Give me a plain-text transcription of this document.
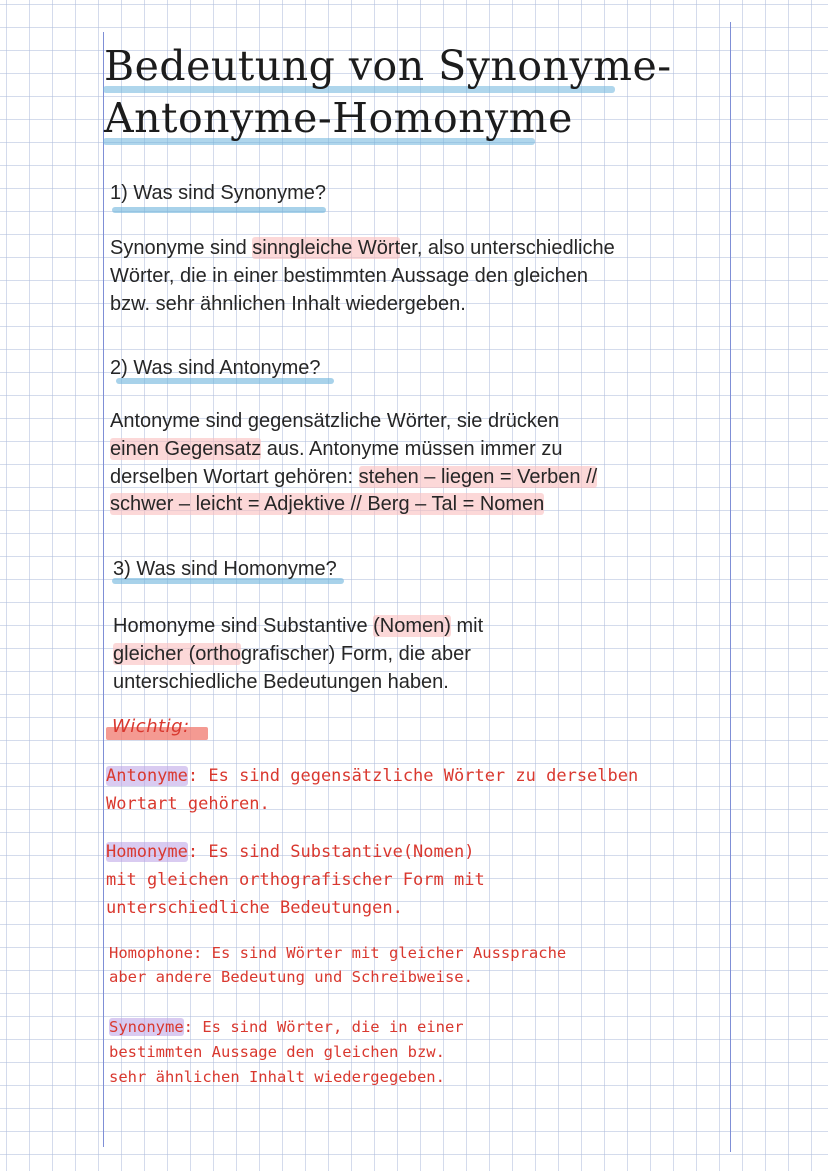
Bedeutung von Synonyme-
Antonyme-Homonyme
1) Was sind Synonyme?
Synonyme sind sinngleiche Wörter, also unterschiedliche
Wörter, die in einer bestimmten Aussage den gleichen
bzw. sehr ähnlichen Inhalt wiedergeben.
2) Was sind Antonyme?
Antonyme sind gegensätzliche Wörter, sie drücken
einen Gegensatz aus. Antonyme müssen immer zu
derselben Wortart gehören: stehen – liegen = Verben //
schwer – leicht = Adjektive // Berg – Tal = Nomen
3) Was sind Homonyme?
Homonyme sind Substantive (Nomen) mit
gleicher (orthografischer) Form, die aber
unterschiedliche Bedeutungen haben.
Wichtig:
Antonyme: Es sind gegensätzliche Wörter zu derselben
Wortart gehören.
Homonyme: Es sind Substantive(Nomen)
mit gleichen orthografischer Form mit
unterschiedliche Bedeutungen.
Homophone: Es sind Wörter mit gleicher Aussprache
aber andere Bedeutung und Schreibweise.
Synonyme: Es sind Wörter, die in einer
bestimmten Aussage den gleichen bzw.
sehr ähnlichen Inhalt wiedergegeben.
